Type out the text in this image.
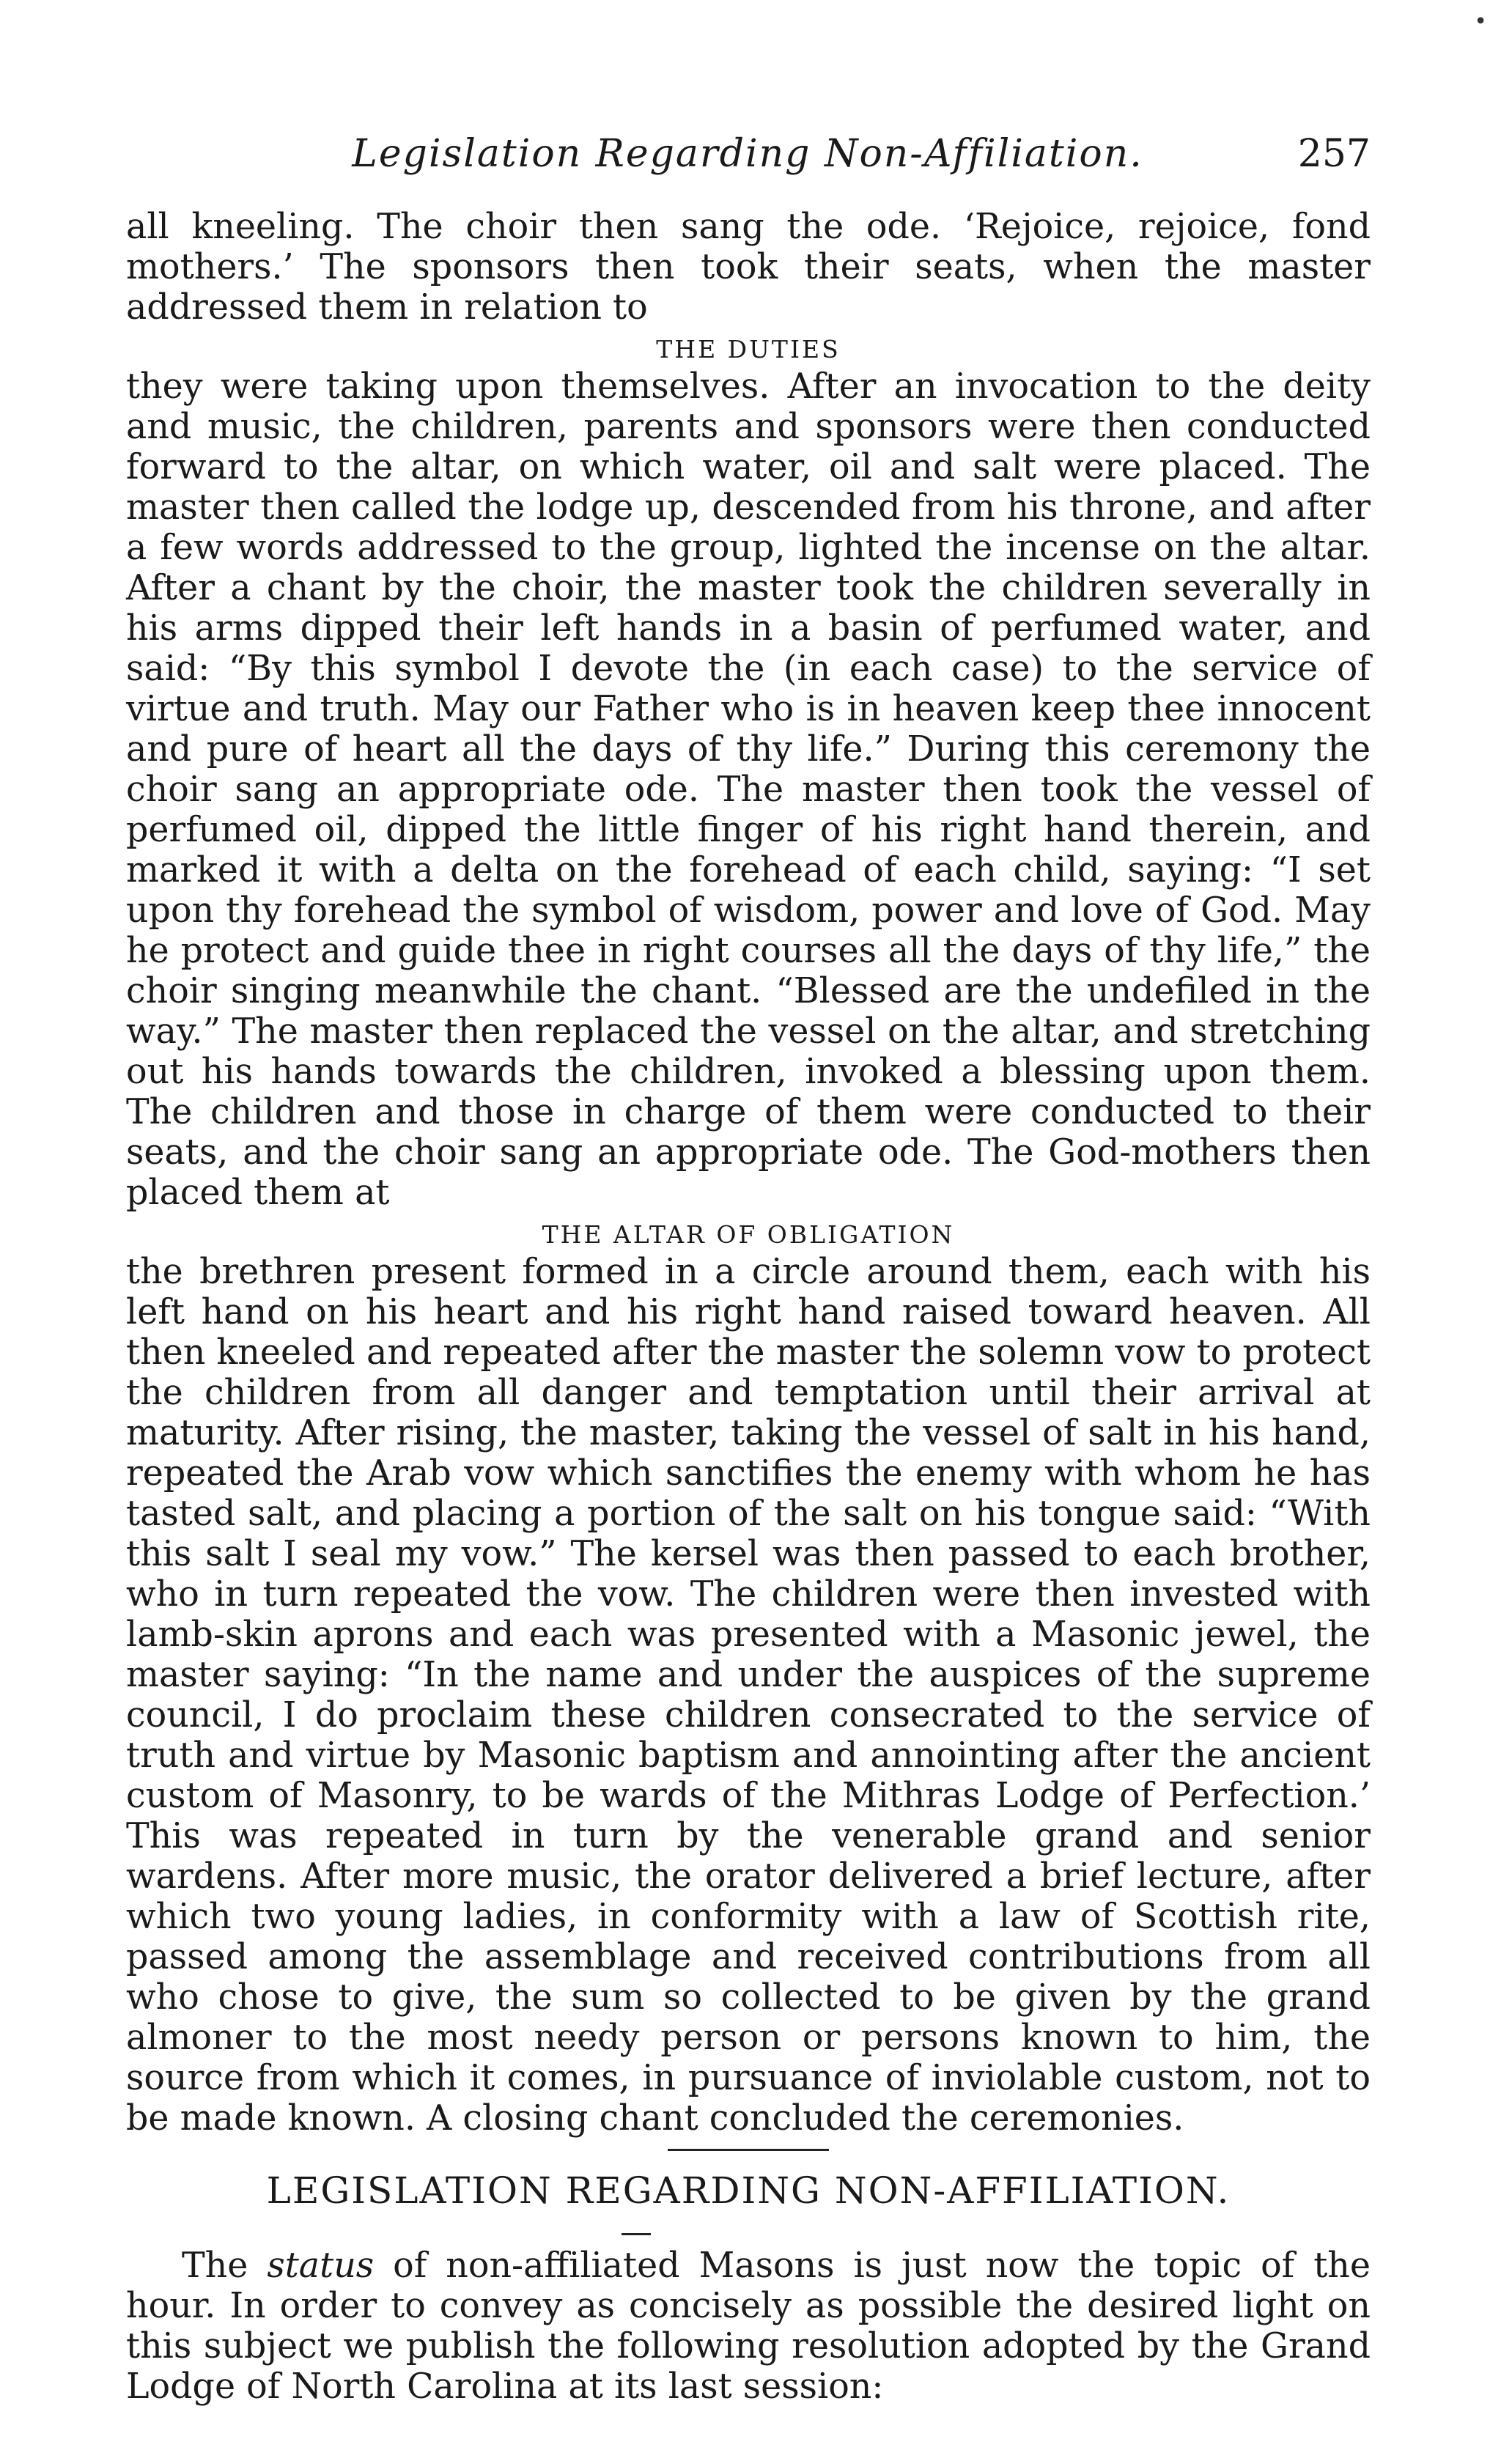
•
Legislation Regarding Non-Affiliation.	257

all kneeling. The choir then sang the ode. ‘Rejoice, rejoice, fond mothers.’ The sponsors then took their seats, when the master addressed them in relation to

THE DUTIES

they were taking upon themselves. After an invocation to the deity and music, the children, parents and sponsors were then conducted forward to the altar, on which water, oil and salt were placed. The master then called the lodge up, descended from his throne, and after a few words addressed to the group, lighted the incense on the altar. After a chant by the choir, the master took the children severally in his arms dipped their left hands in a basin of perfumed water, and said: “By this symbol I devote the (in each case) to the service of virtue and truth. May our Father who is in heaven keep thee innocent and pure of heart all the days of thy life.” During this ceremony the choir sang an appropriate ode. The master then took the vessel of perfumed oil, dipped the little finger of his right hand therein, and marked it with a delta on the forehead of each child, saying: “I set upon thy forehead the symbol of wisdom, power and love of God. May he protect and guide thee in right courses all the days of thy life,” the choir singing meanwhile the chant. “Blessed are the undefiled in the way.” The master then replaced the vessel on the altar, and stretching out his hands towards the children, invoked a blessing upon them. The children and those in charge of them were conducted to their seats, and the choir sang an appropriate ode. The God-mothers then placed them at

THE ALTAR OF OBLIGATION

the brethren present formed in a circle around them, each with his left hand on his heart and his right hand raised toward heaven. All then kneeled and repeated after the master the solemn vow to protect the children from all danger and temptation until their arrival at maturity. After rising, the master, taking the vessel of salt in his hand, repeated the Arab vow which sanctifies the enemy with whom he has tasted salt, and placing a portion of the salt on his tongue said: “With this salt I seal my vow.” The kersel was then passed to each brother, who in turn repeated the vow. The children were then invested with lamb-skin aprons and each was presented with a Masonic jewel, the master saying: “In the name and under the auspices of the supreme council, I do proclaim these children consecrated to the service of truth and virtue by Masonic baptism and annointing after the ancient custom of Masonry, to be wards of the Mithras Lodge of Perfection.’ This was repeated in turn by the venerable grand and senior wardens. After more music, the orator delivered a brief lecture, after which two young ladies, in conformity with a law of Scottish rite, passed among the assemblage and received contributions from all who chose to give, the sum so collected to be given by the grand almoner to the most needy person or persons known to him, the source from which it comes, in pursuance of inviolable custom, not to be made known. A closing chant concluded the ceremonies.

LEGISLATION REGARDING NON-AFFILIATION.

The status of non-affiliated Masons is just now the topic of the hour. In order to convey as concisely as possible the desired light on this subject we publish the following resolution adopted by the Grand Lodge of North Carolina at its last session:
